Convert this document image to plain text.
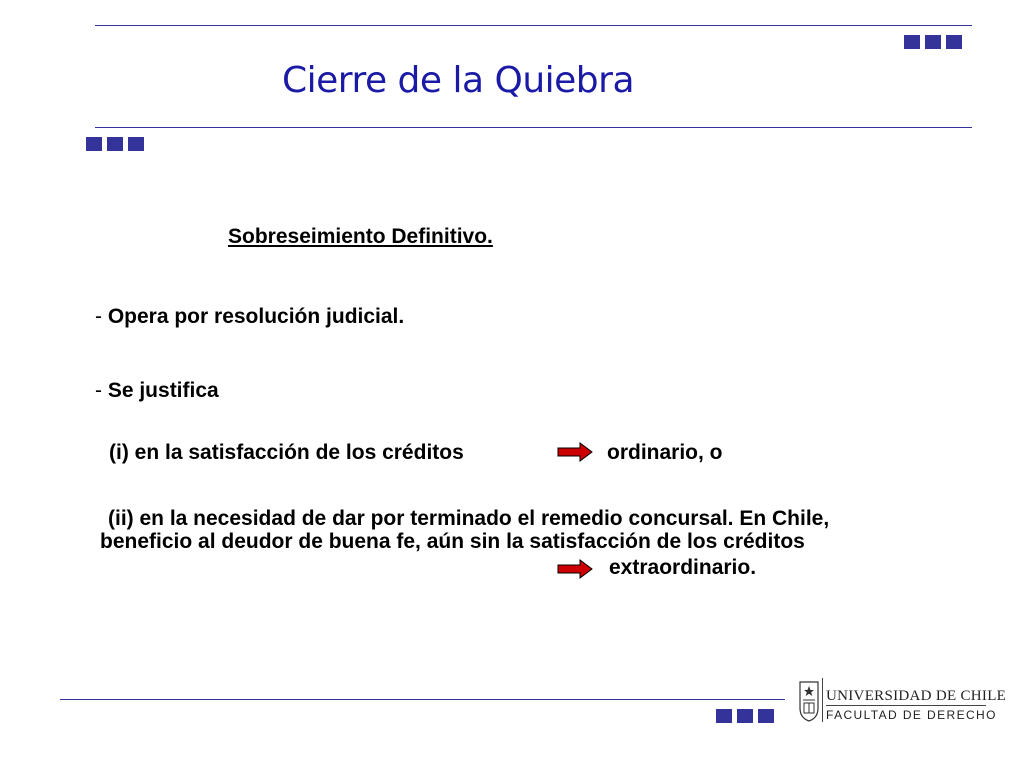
Cierre de la Quiebra
Sobreseimiento Definitivo.
- Opera por resolución judicial.
- Se justifica
(i) en la satisfacción de los créditos	ordinario, o
(ii) en la necesidad de dar por terminado el remedio concursal. En Chile,
beneficio al deudor de buena fe, aún sin la satisfacción de los créditos
extraordinario.
UNIVERSIDAD DE CHILE
FACULTAD DE DERECHO
